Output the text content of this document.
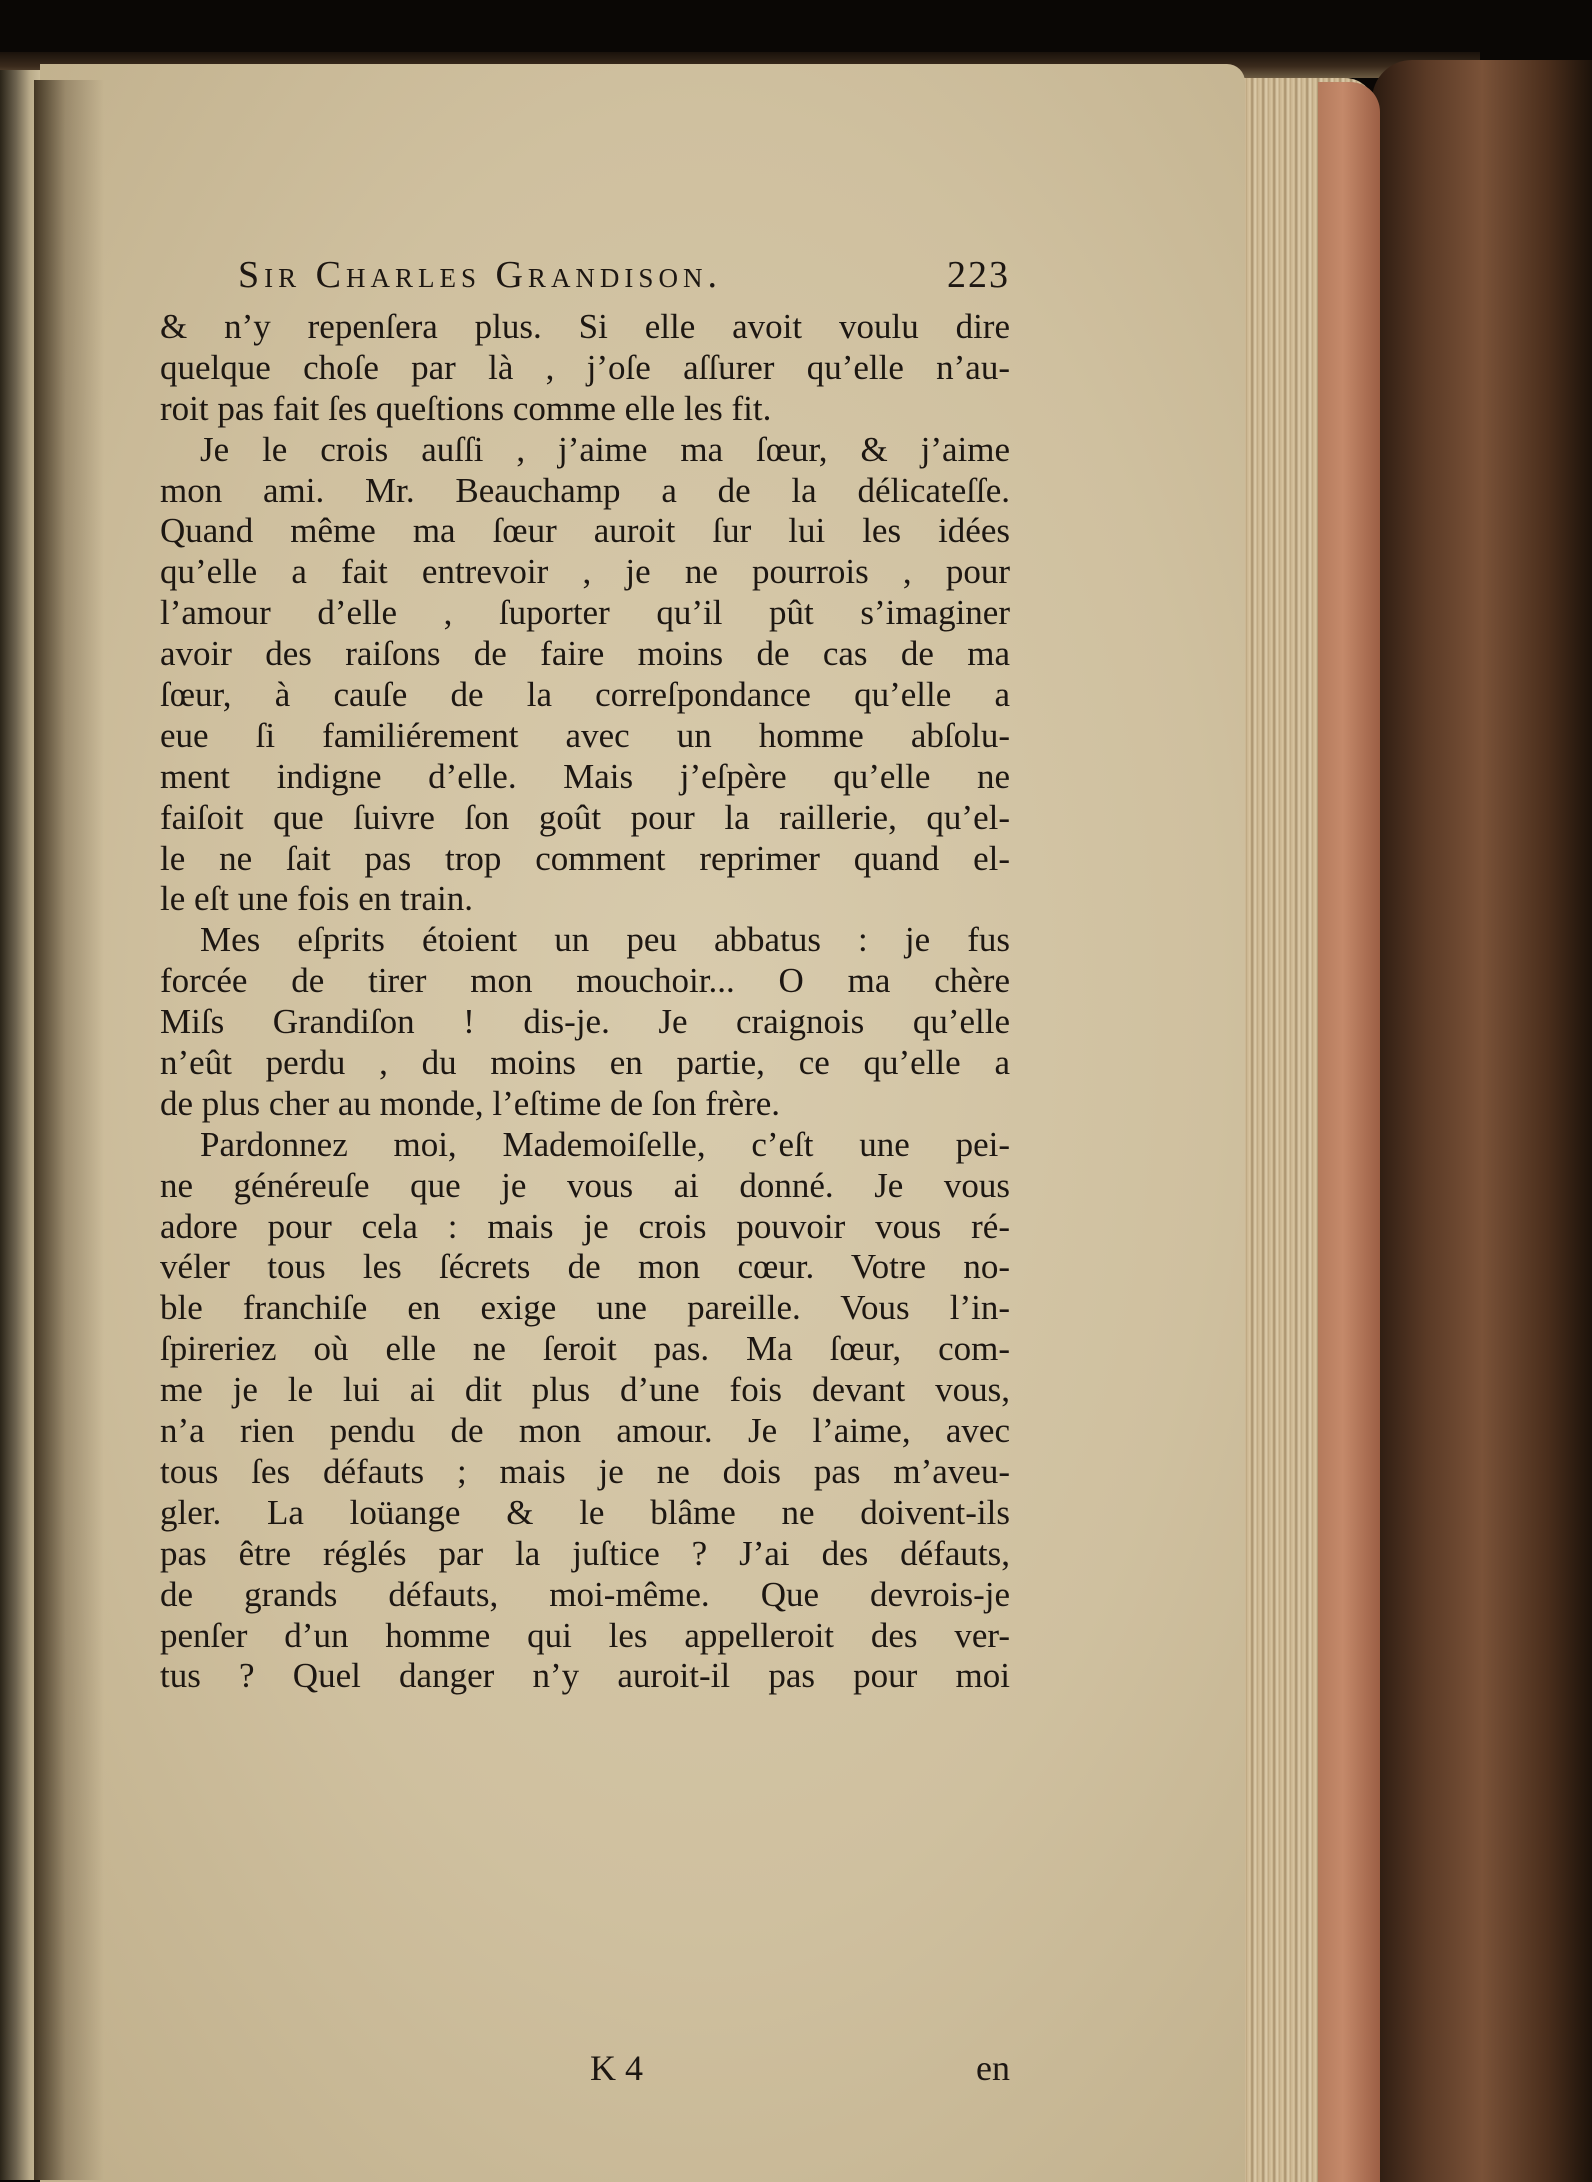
Sir Charles Grandison.	223
& n’y repenſera plus. Si elle avoit voulu dire
quelque choſe par là , j’oſe aſſurer qu’elle n’au-
roit pas fait ſes queſtions comme elle les fit.
Je le crois auſſi , j’aime ma ſœur, & j’aime
mon ami. Mr. Beauchamp a de la délicateſſe.
Quand même ma ſœur auroit ſur lui les idées
qu’elle a fait entrevoir , je ne pourrois , pour
l’amour d’elle , ſuporter qu’il pût s’imaginer
avoir des raiſons de faire moins de cas de ma
ſœur, à cauſe de la correſpondance qu’elle a
eue ſi familiérement avec un homme abſolu-
ment indigne d’elle. Mais j’eſpère qu’elle ne
faiſoit que ſuivre ſon goût pour la raillerie, qu’el-
le ne ſait pas trop comment reprimer quand el-
le eſt une fois en train.
Mes eſprits étoient un peu abbatus : je fus
forcée de tirer mon mouchoir... O ma chère
Miſs Grandiſon ! dis-je. Je craignois qu’elle
n’eût perdu , du moins en partie, ce qu’elle a
de plus cher au monde, l’eſtime de ſon frère.
Pardonnez moi, Mademoiſelle, c’eſt une pei-
ne généreuſe que je vous ai donné. Je vous
adore pour cela : mais je crois pouvoir vous ré-
véler tous les ſécrets de mon cœur. Votre no-
ble franchiſe en exige une pareille. Vous l’in-
ſpireriez où elle ne ſeroit pas. Ma ſœur, com-
me je le lui ai dit plus d’une fois devant vous,
n’a rien pendu de mon amour. Je l’aime, avec
tous ſes défauts ; mais je ne dois pas m’aveu-
gler. La loüange & le blâme ne doivent-ils
pas être réglés par la juſtice ? J’ai des défauts,
de grands défauts, moi-même. Que devrois-je
penſer d’un homme qui les appelleroit des ver-
tus ? Quel danger n’y auroit-il pas pour moi
K 4	en
